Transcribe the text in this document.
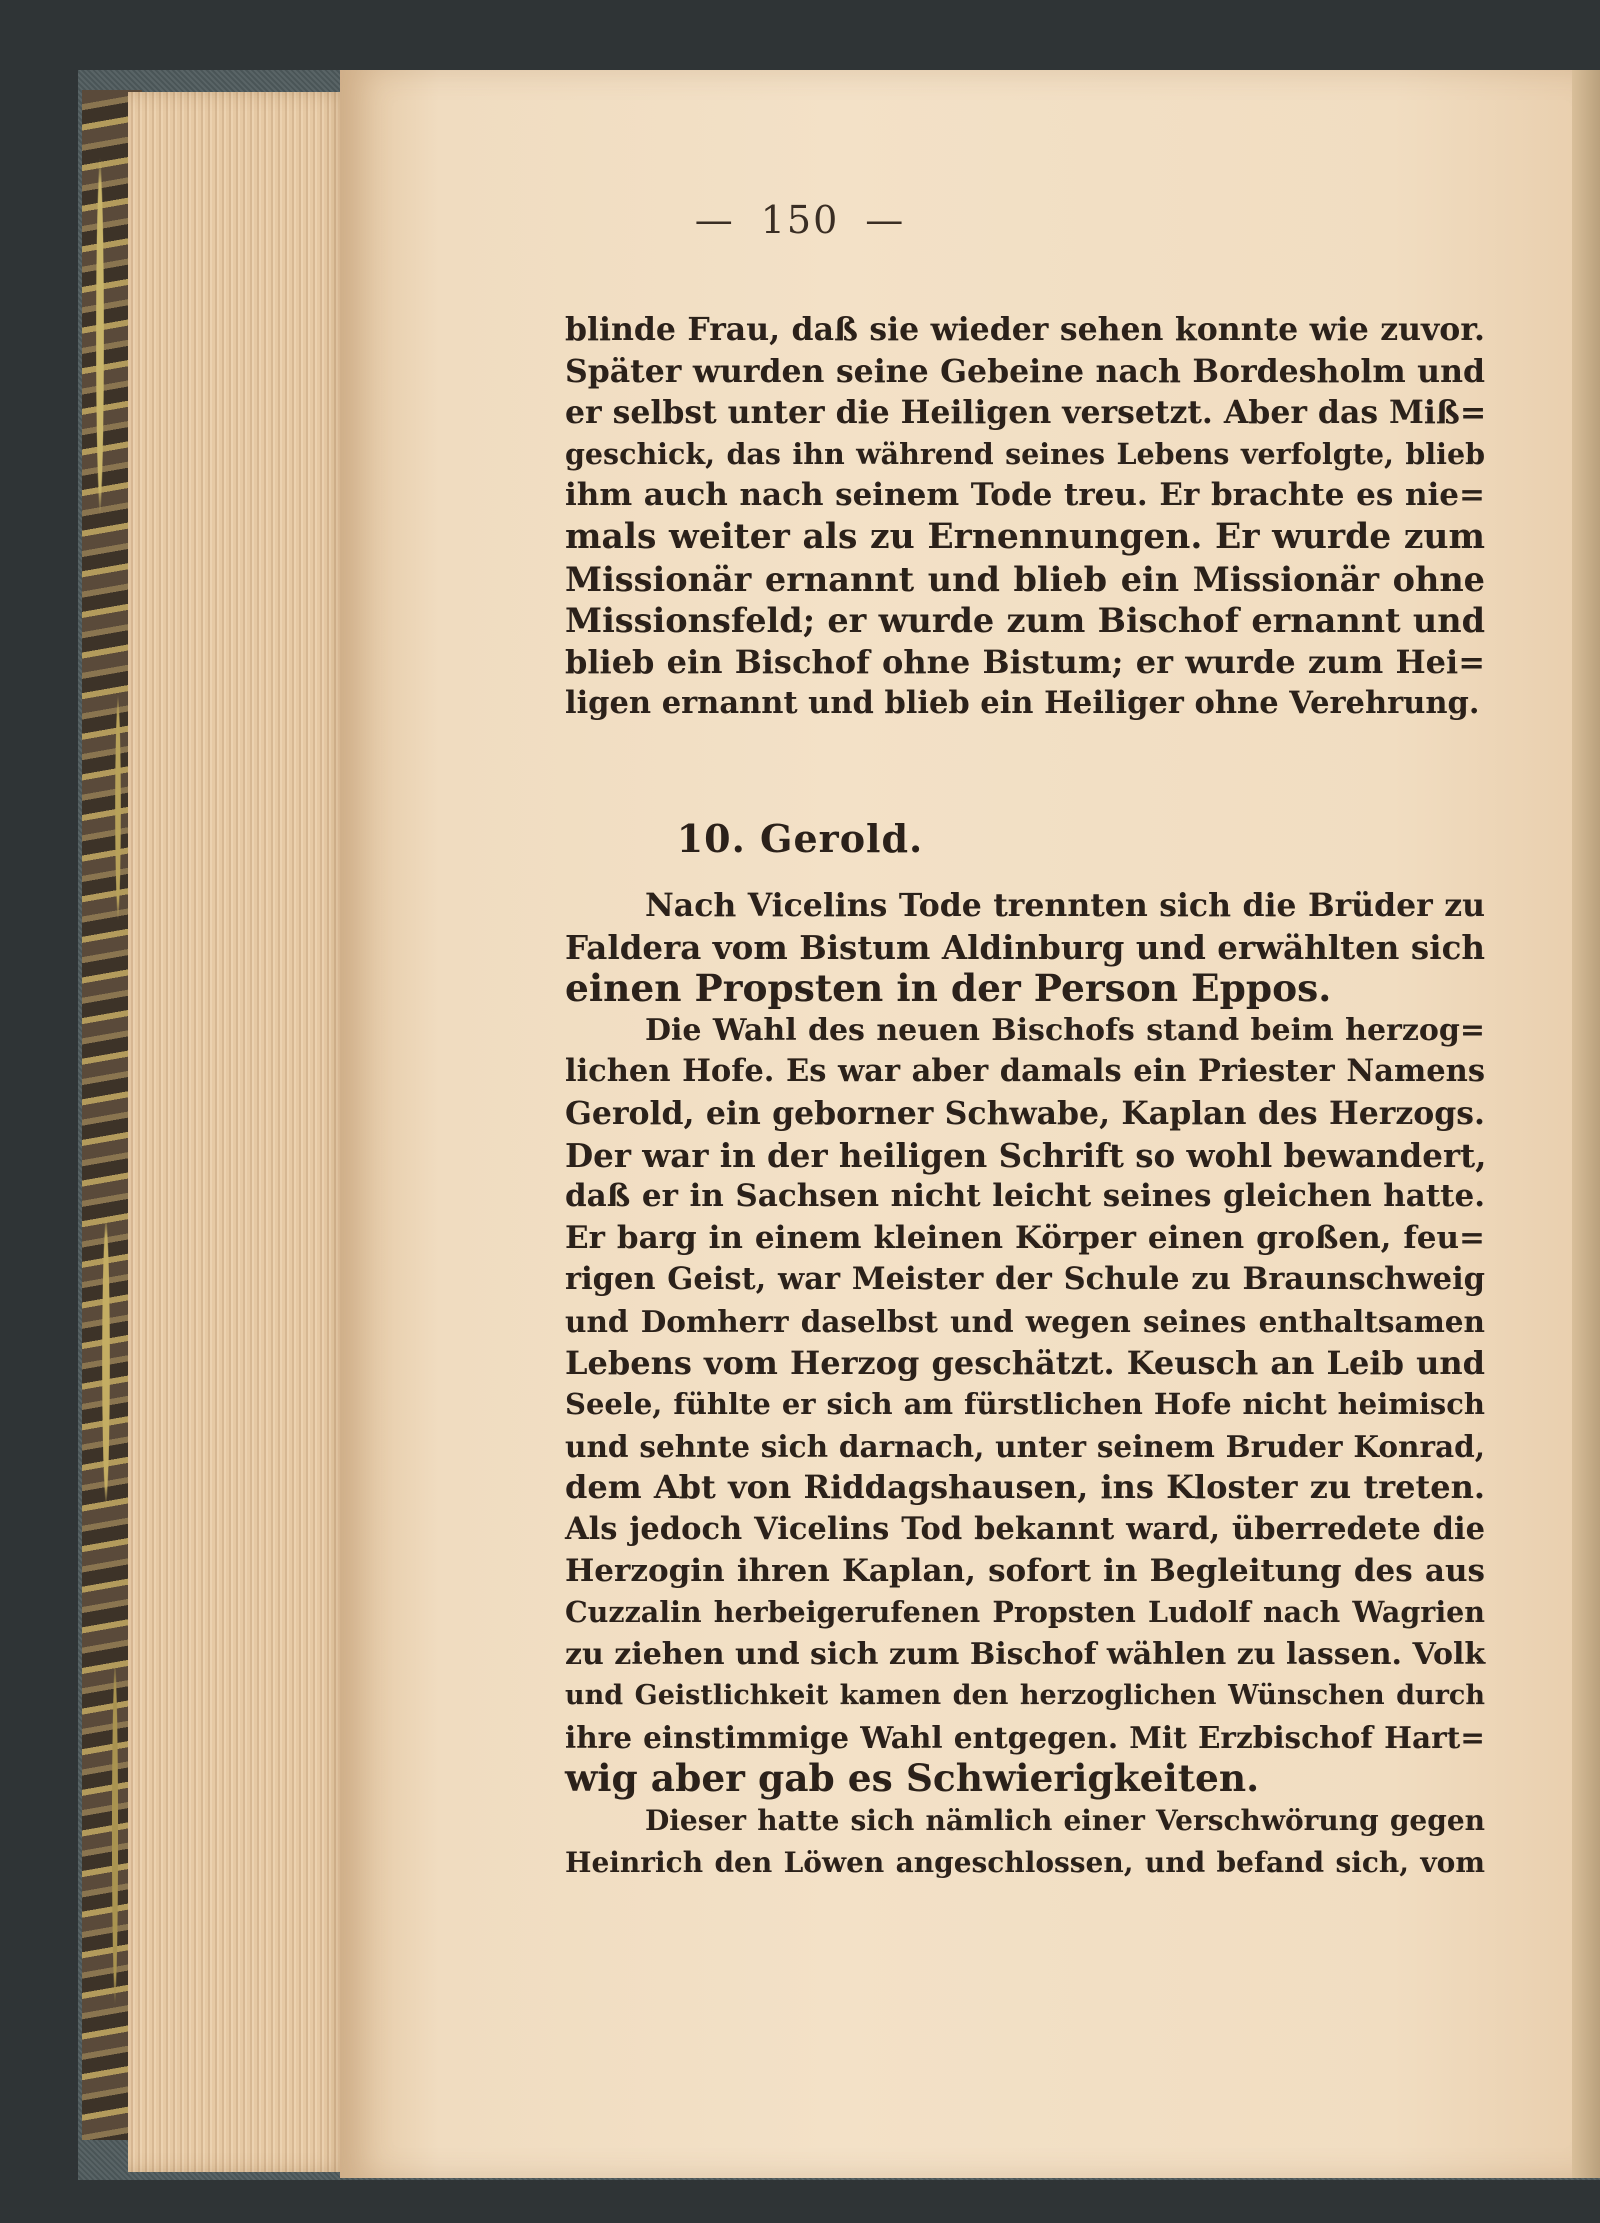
— 150 —
blinde Frau, daß sie wieder sehen konnte wie zuvor.
Später wurden seine Gebeine nach Bordesholm und
er selbst unter die Heiligen versetzt. Aber das Miß=
geschick, das ihn während seines Lebens verfolgte, blieb
ihm auch nach seinem Tode treu. Er brachte es nie=
mals weiter als zu Ernennungen. Er wurde zum
Missionär ernannt und blieb ein Missionär ohne
Missionsfeld; er wurde zum Bischof ernannt und
blieb ein Bischof ohne Bistum; er wurde zum Hei=
ligen ernannt und blieb ein Heiliger ohne Verehrung.
10. Gerold.
Nach Vicelins Tode trennten sich die Brüder zu
Faldera vom Bistum Aldinburg und erwählten sich
einen Propsten in der Person Eppos.
Die Wahl des neuen Bischofs stand beim herzog=
lichen Hofe. Es war aber damals ein Priester Namens
Gerold, ein geborner Schwabe, Kaplan des Herzogs.
Der war in der heiligen Schrift so wohl bewandert,
daß er in Sachsen nicht leicht seines gleichen hatte.
Er barg in einem kleinen Körper einen großen, feu=
rigen Geist, war Meister der Schule zu Braunschweig
und Domherr daselbst und wegen seines enthaltsamen
Lebens vom Herzog geschätzt. Keusch an Leib und
Seele, fühlte er sich am fürstlichen Hofe nicht heimisch
und sehnte sich darnach, unter seinem Bruder Konrad,
dem Abt von Riddagshausen, ins Kloster zu treten.
Als jedoch Vicelins Tod bekannt ward, überredete die
Herzogin ihren Kaplan, sofort in Begleitung des aus
Cuzzalin herbeigerufenen Propsten Ludolf nach Wagrien
zu ziehen und sich zum Bischof wählen zu lassen. Volk
und Geistlichkeit kamen den herzoglichen Wünschen durch
ihre einstimmige Wahl entgegen. Mit Erzbischof Hart=
wig aber gab es Schwierigkeiten.
Dieser hatte sich nämlich einer Verschwörung gegen
Heinrich den Löwen angeschlossen, und befand sich, vom
